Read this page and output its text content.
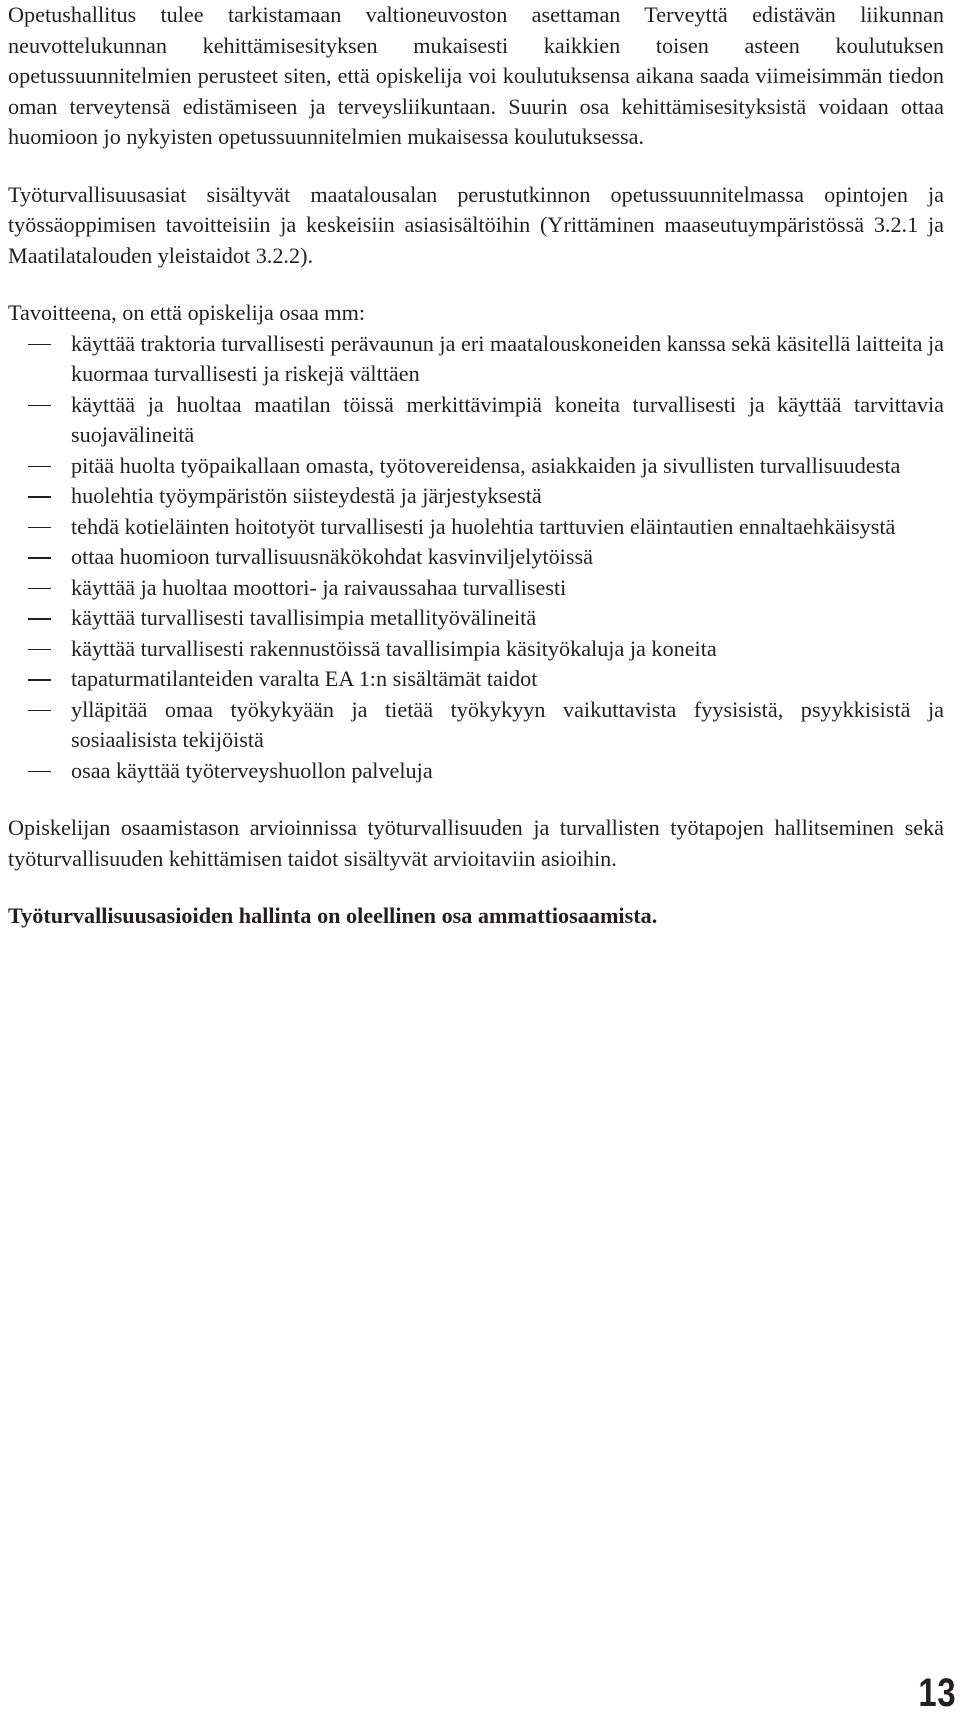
Opetushallitus tulee tarkistamaan valtioneuvoston asettaman Terveyttä edistävän liikunnan neuvottelukunnan kehittämisesityksen mukaisesti kaikkien toisen asteen koulutuksen opetussuunnitelmien perusteet siten, että opiskelija voi koulutuksensa aikana saada viimeisimmän tiedon oman terveytensä edistämiseen ja terveysliikuntaan. Suurin osa kehittämisesityksistä voidaan ottaa huomioon jo nykyisten opetussuunnitelmien mukaisessa koulutuksessa.

Työturvallisuusasiat sisältyvät maatalousalan perustutkinnon opetussuunnitelmassa opintojen ja työssäoppimisen tavoitteisiin ja keskeisiin asiasisältöihin (Yrittäminen maaseutuympäristössä 3.2.1 ja Maatilatalouden yleistaidot 3.2.2).

Tavoitteena, on että opiskelija osaa mm:

käyttää traktoria turvallisesti perävaunun ja eri maatalouskoneiden kanssa sekä käsitellä laitteita ja kuormaa turvallisesti ja riskejä välttäen
käyttää ja huoltaa maatilan töissä merkittävimpiä koneita turvallisesti ja käyttää tarvittavia suojavälineitä
pitää huolta työpaikallaan omasta, työtovereidensa, asiakkaiden ja sivullisten turvallisuudesta
huolehtia työympäristön siisteydestä ja järjestyksestä
tehdä kotieläinten hoitotyöt turvallisesti ja huolehtia tarttuvien eläintautien ennaltaehkäisystä
ottaa huomioon turvallisuusnäkökohdat kasvinviljelytöissä
käyttää ja huoltaa moottori- ja raivaussahaa turvallisesti
käyttää turvallisesti tavallisimpia metallityövälineitä
käyttää turvallisesti rakennustöissä tavallisimpia käsityökaluja ja koneita
tapaturmatilanteiden varalta EA 1:n sisältämät taidot
ylläpitää omaa työkykyään ja tietää työkykyyn vaikuttavista fyysisistä, psyykkisistä ja sosiaalisista tekijöistä
osaa käyttää työterveyshuollon palveluja

Opiskelijan osaamistason arvioinnissa työturvallisuuden ja turvallisten työtapojen hallitseminen sekä työturvallisuuden kehittämisen taidot sisältyvät arvioitaviin asioihin.

Työturvallisuusasioiden hallinta on oleellinen osa ammattiosaamista.

13
